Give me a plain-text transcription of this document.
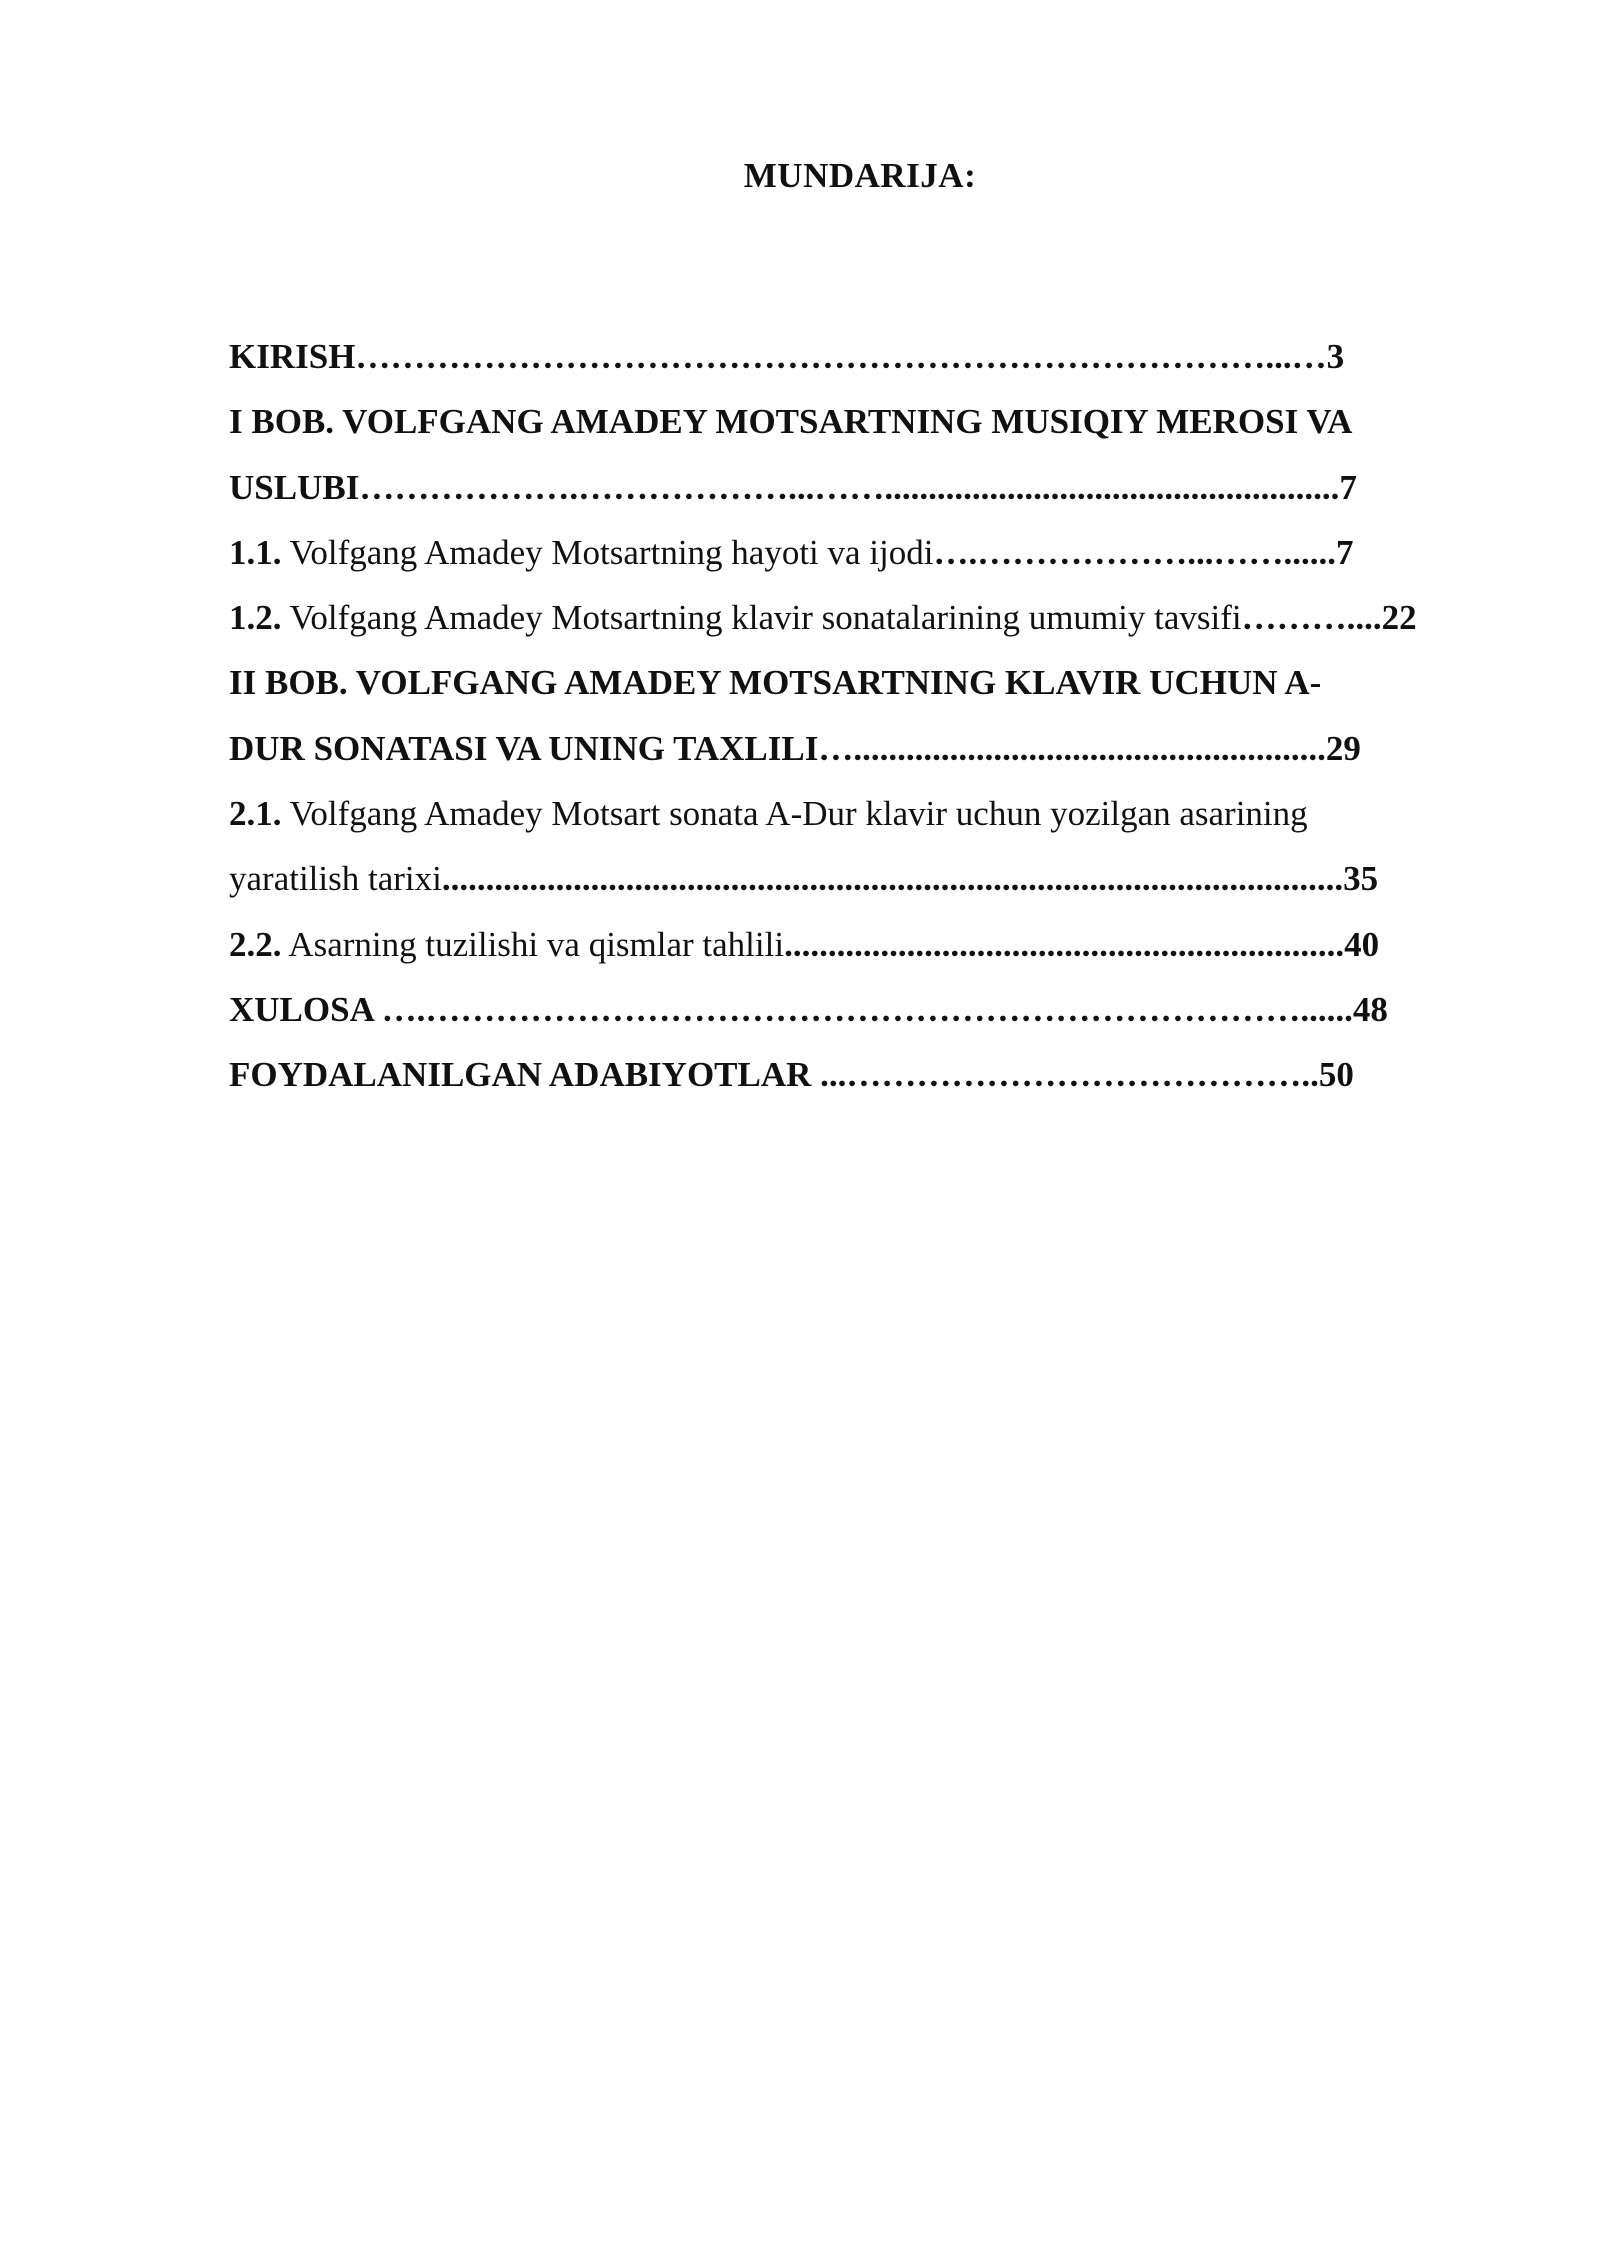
MUNDARIJA:
KIRISH……………………………………………………………………...…3
I BOB. VOLFGANG AMADEY MOTSARTNING MUSIQIY MEROSI VA
USLUBI……………….………………...……....................................................7
1.1. Volfgang Amadey Motsartning hayoti va ijodi….………………...……......7
1.2. Volfgang Amadey Motsartning klavir sonatalarining umumiy tavsifi………....22
II BOB. VOLFGANG AMADEY MOTSARTNING KLAVIR UCHUN A-
DUR SONATASI VA UNING TAXLILI…......................................................29
2.1. Volfgang Amadey Motsart sonata A-Dur klavir uchun yozilgan asarining
yaratilish tarixi.......................................................................................................35
2.2. Asarning tuzilishi va qismlar tahlili................................................................40
XULOSA ….…………………………………………………………………......48
FOYDALANILGAN ADABIYOTLAR ...…………………………………..50
